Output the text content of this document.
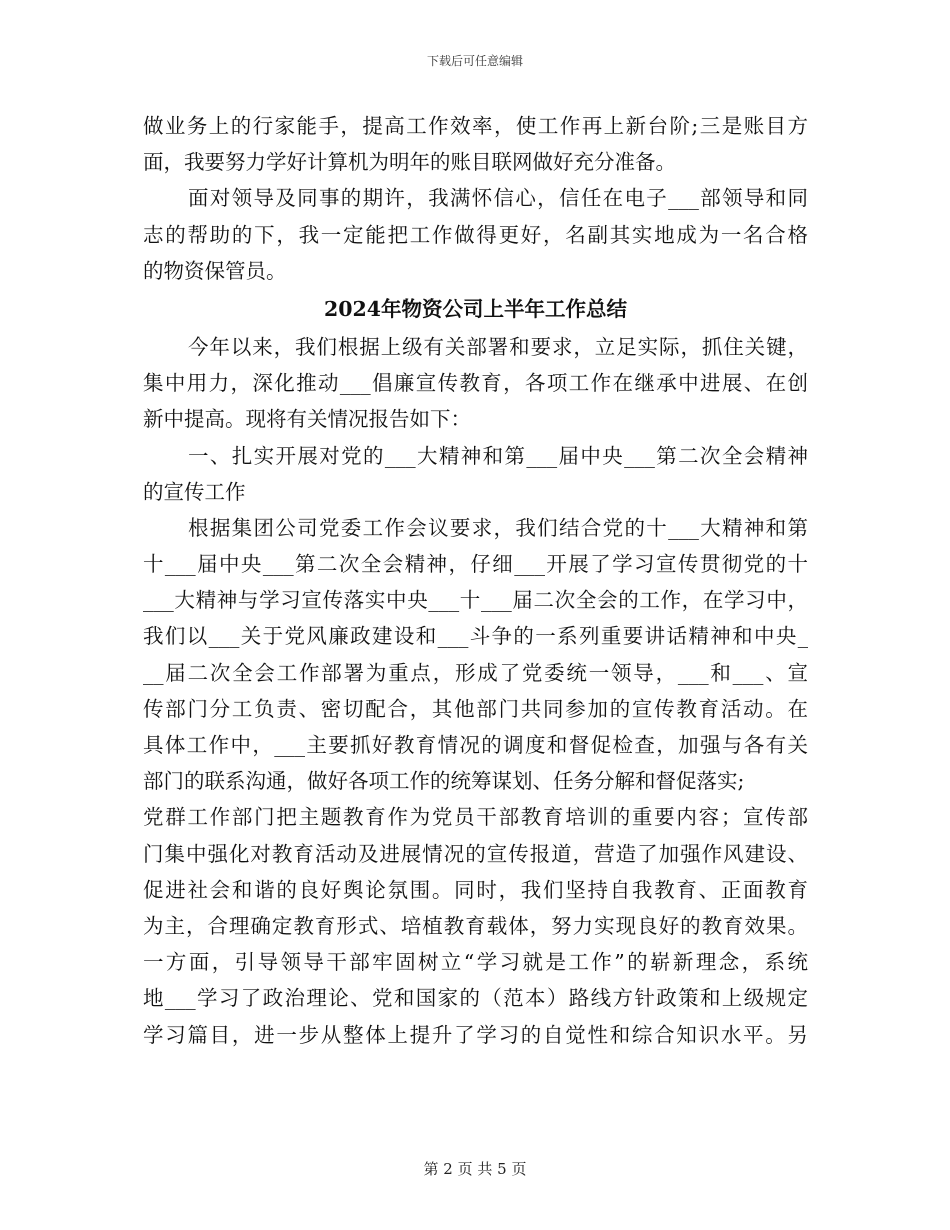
下载后可任意编辑
做业务上的行家能手，提高工作效率，使工作再上新台阶;三是账目方
面，我要努力学好计算机为明年的账目联网做好充分准备。
面对领导及同事的期许，我满怀信心，信任在电子___部领导和同
志的帮助的下，我一定能把工作做得更好，名副其实地成为一名合格
的物资保管员。
2024年物资公司上半年工作总结
今年以来，我们根据上级有关部署和要求，立足实际，抓住关键，
集中用力，深化推动___倡廉宣传教育，各项工作在继承中进展、在创
新中提高。现将有关情况报告如下：
一、扎实开展对党的___大精神和第___届中央___第二次全会精神
的宣传工作
根据集团公司党委工作会议要求，我们结合党的十___大精神和第
十___届中央___第二次全会精神，仔细___开展了学习宣传贯彻党的十
___大精神与学习宣传落实中央___十___届二次全会的工作，在学习中，
我们以___关于党风廉政建设和___斗争的一系列重要讲话精神和中央_
__届二次全会工作部署为重点，形成了党委统一领导，___和___、宣
传部门分工负责、密切配合，其他部门共同参加的宣传教育活动。在
具体工作中，___主要抓好教育情况的调度和督促检查，加强与各有关
部门的联系沟通，做好各项工作的统筹谋划、任务分解和督促落实;
党群工作部门把主题教育作为党员干部教育培训的重要内容；宣传部
门集中强化对教育活动及进展情况的宣传报道，营造了加强作风建设、
促进社会和谐的良好舆论氛围。同时，我们坚持自我教育、正面教育
为主，合理确定教育形式、培植教育载体，努力实现良好的教育效果。
一方面，引导领导干部牢固树立“学习就是工作”的崭新理念，系统
地___学习了政治理论、党和国家的（范本）路线方针政策和上级规定
学习篇目，进一步从整体上提升了学习的自觉性和综合知识水平。另
第 2 页 共 5 页
